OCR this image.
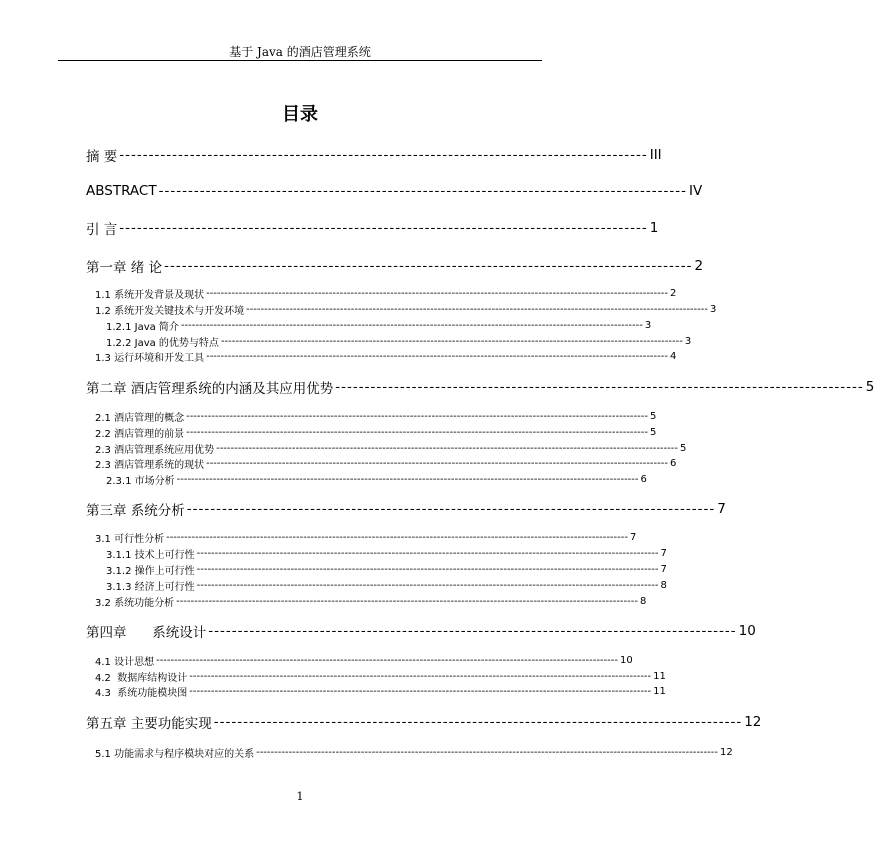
基于 Java 的酒店管理系统
目录
摘 要 ------------------------------------------------------------------------------------------ III
ABSTRACT ------------------------------------------------------------------------------------------ IV
引 言 ------------------------------------------------------------------------------------------ 1
第一章 绪 论 ------------------------------------------------------------------------------------------ 2
1.1 系统开发背景及现状 -------------------------------------------------------------------------------------------------------------------------------- 2
1.2 系统开发关键技术与开发环境 -------------------------------------------------------------------------------------------------------------------------------- 3
1.2.1 Java 简介 -------------------------------------------------------------------------------------------------------------------------------- 3
1.2.2 Java 的优势与特点 -------------------------------------------------------------------------------------------------------------------------------- 3
1.3 运行环境和开发工具 -------------------------------------------------------------------------------------------------------------------------------- 4
第二章 酒店管理系统的内涵及其应用优势 ------------------------------------------------------------------------------------------ 5
2.1 酒店管理的概念 -------------------------------------------------------------------------------------------------------------------------------- 5
2.2 酒店管理的前景 -------------------------------------------------------------------------------------------------------------------------------- 5
2.3 酒店管理系统应用优势 -------------------------------------------------------------------------------------------------------------------------------- 5
2.3 酒店管理系统的现状 -------------------------------------------------------------------------------------------------------------------------------- 6
2.3.1 市场分析 -------------------------------------------------------------------------------------------------------------------------------- 6
第三章 系统分析 ------------------------------------------------------------------------------------------ 7
3.1 可行性分析 -------------------------------------------------------------------------------------------------------------------------------- 7
3.1.1 技术上可行性 -------------------------------------------------------------------------------------------------------------------------------- 7
3.1.2 操作上可行性 -------------------------------------------------------------------------------------------------------------------------------- 7
3.1.3 经济上可行性 -------------------------------------------------------------------------------------------------------------------------------- 8
3.2 系统功能分析 -------------------------------------------------------------------------------------------------------------------------------- 8
第四章      系统设计 ------------------------------------------------------------------------------------------ 10
4.1 设计思想 -------------------------------------------------------------------------------------------------------------------------------- 10
4.2  数据库结构设计 -------------------------------------------------------------------------------------------------------------------------------- 11
4.3  系统功能模块图 -------------------------------------------------------------------------------------------------------------------------------- 11
第五章 主要功能实现 ------------------------------------------------------------------------------------------ 12
5.1 功能需求与程序模块对应的关系 -------------------------------------------------------------------------------------------------------------------------------- 12
1
